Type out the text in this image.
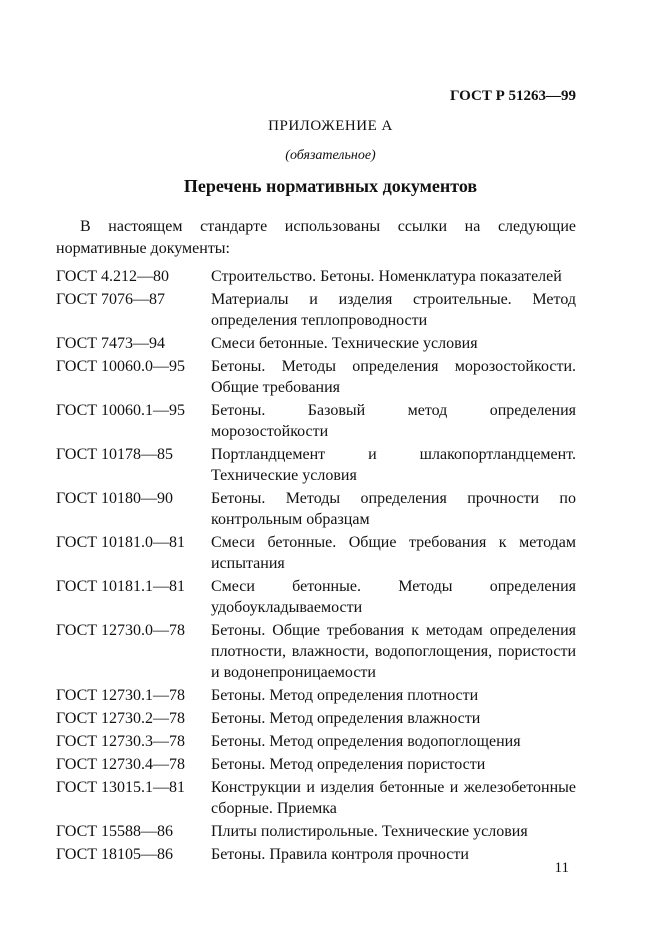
ГОСТ Р 51263—99
ПРИЛОЖЕНИЕ А
(обязательное)
Перечень нормативных документов
В настоящем стандарте использованы ссылки на следующие нормативные документы:
ГОСТ 4.212—80	Строительство. Бетоны. Номенклатура показателей
ГОСТ 7076—87	Материалы и изделия строительные. Метод определения теплопроводности
ГОСТ 7473—94	Смеси бетонные. Технические условия
ГОСТ 10060.0—95	Бетоны. Методы определения морозостойкости. Общие требования
ГОСТ 10060.1—95	Бетоны. Базовый метод определения морозостойкости
ГОСТ 10178—85	Портландцемент и шлакопортландцемент. Технические условия
ГОСТ 10180—90	Бетоны. Методы определения прочности по контрольным образцам
ГОСТ 10181.0—81	Смеси бетонные. Общие требования к методам испытания
ГОСТ 10181.1—81	Смеси бетонные. Методы определения удобоукладываемости
ГОСТ 12730.0—78	Бетоны. Общие требования к методам определения плотности, влажности, водопоглощения, пористости и водонепроницаемости
ГОСТ 12730.1—78	Бетоны. Метод определения плотности
ГОСТ 12730.2—78	Бетоны. Метод определения влажности
ГОСТ 12730.3—78	Бетоны. Метод определения водопоглощения
ГОСТ 12730.4—78	Бетоны. Метод определения пористости
ГОСТ 13015.1—81	Конструкции и изделия бетонные и железобетонные сборные. Приемка
ГОСТ 15588—86	Плиты полистирольные. Технические условия
ГОСТ 18105—86	Бетоны. Правила контроля прочности
11
